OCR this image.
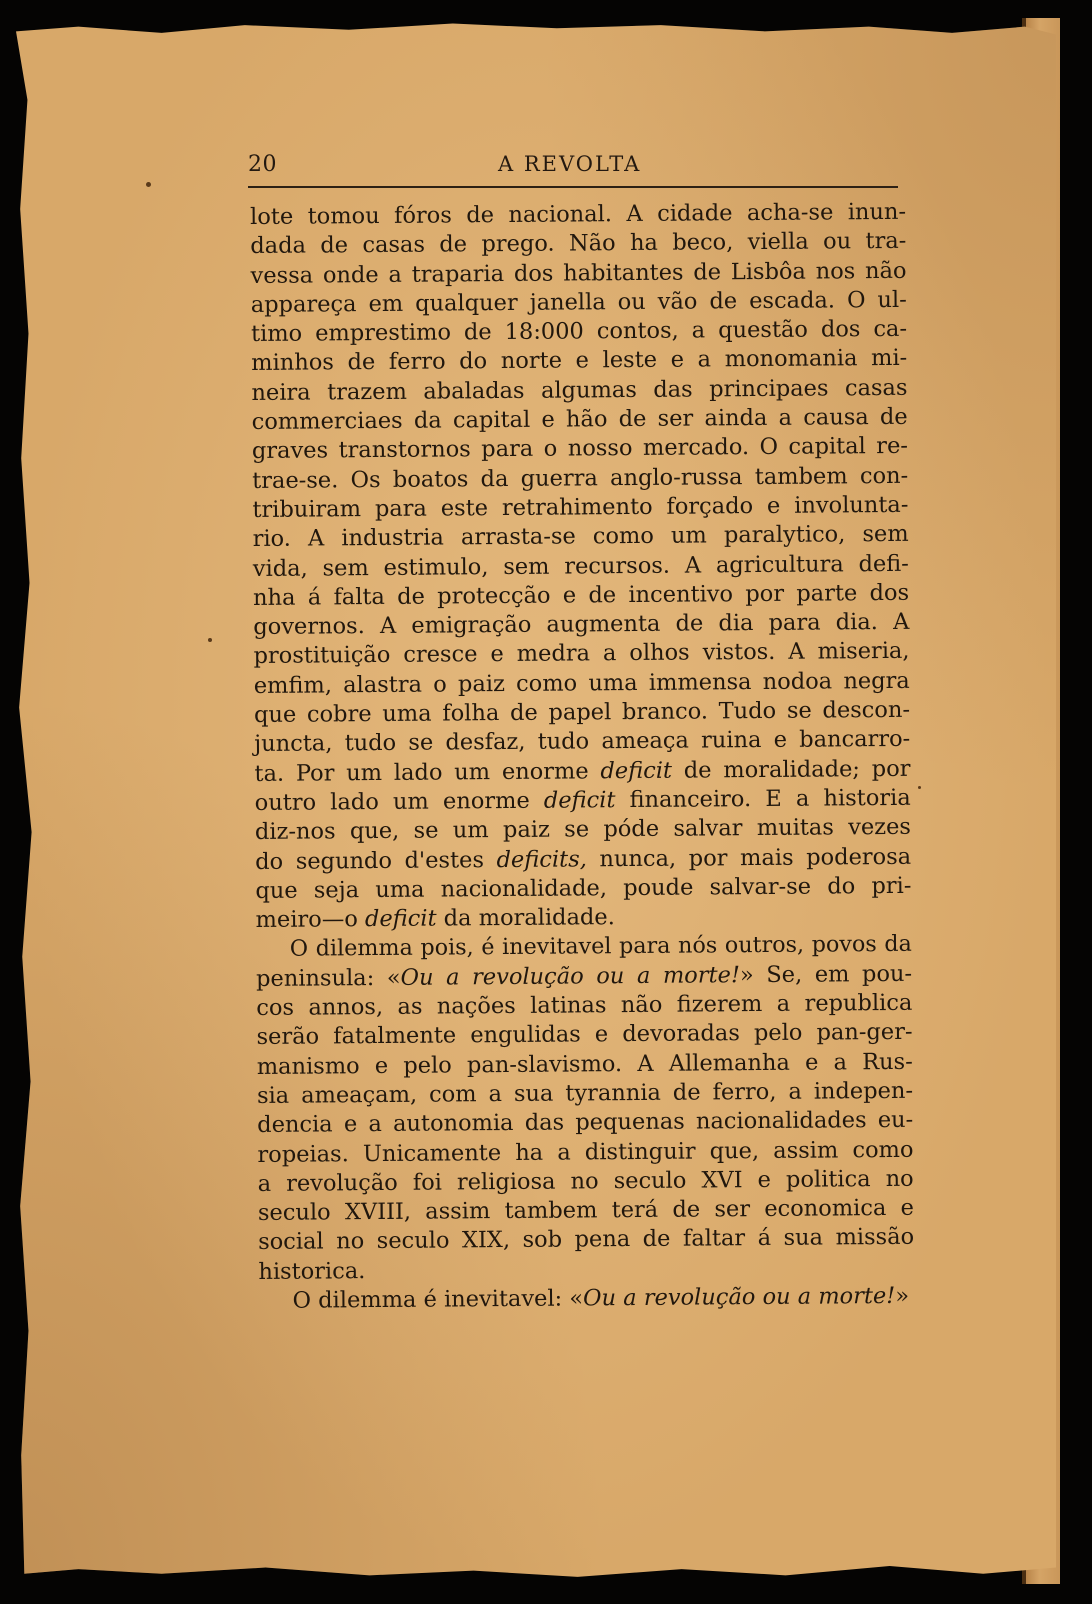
20	A REVOLTA
lote tomou fóros de nacional. A cidade acha-se inun-
dada de casas de prego. Não ha beco, viella ou tra-
vessa onde a traparia dos habitantes de Lisbôa nos não
appareça em qualquer janella ou vão de escada. O ul-
timo emprestimo de 18:000 contos, a questão dos ca-
minhos de ferro do norte e leste e a monomania mi-
neira trazem abaladas algumas das principaes casas
commerciaes da capital e hão de ser ainda a causa de
graves transtornos para o nosso mercado. O capital re-
trae-se. Os boatos da guerra anglo-russa tambem con-
tribuiram para este retrahimento forçado e involunta-
rio. A industria arrasta-se como um paralytico, sem
vida, sem estimulo, sem recursos. A agricultura defi-
nha á falta de protecção e de incentivo por parte dos
governos. A emigração augmenta de dia para dia. A
prostituição cresce e medra a olhos vistos. A miseria,
emfim, alastra o paiz como uma immensa nodoa negra
que cobre uma folha de papel branco. Tudo se descon-
juncta, tudo se desfaz, tudo ameaça ruina e bancarro-
ta. Por um lado um enorme deficit de moralidade; por
outro lado um enorme deficit financeiro. E a historia
diz-nos que, se um paiz se póde salvar muitas vezes
do segundo d'estes deficits, nunca, por mais poderosa
que seja uma nacionalidade, poude salvar-se do pri-
meiro—o deficit da moralidade.
O dilemma pois, é inevitavel para nós outros, povos da
peninsula: «Ou a revolução ou a morte!» Se, em pou-
cos annos, as nações latinas não fizerem a republica
serão fatalmente engulidas e devoradas pelo pan-ger-
manismo e pelo pan-slavismo. A Allemanha e a Rus-
sia ameaçam, com a sua tyrannia de ferro, a indepen-
dencia e a autonomia das pequenas nacionalidades eu-
ropeias. Unicamente ha a distinguir que, assim como
a revolução foi religiosa no seculo XVI e politica no
seculo XVIII, assim tambem terá de ser economica e
social no seculo XIX, sob pena de faltar á sua missão
historica.
O dilemma é inevitavel: «Ou a revolução ou a morte!»
